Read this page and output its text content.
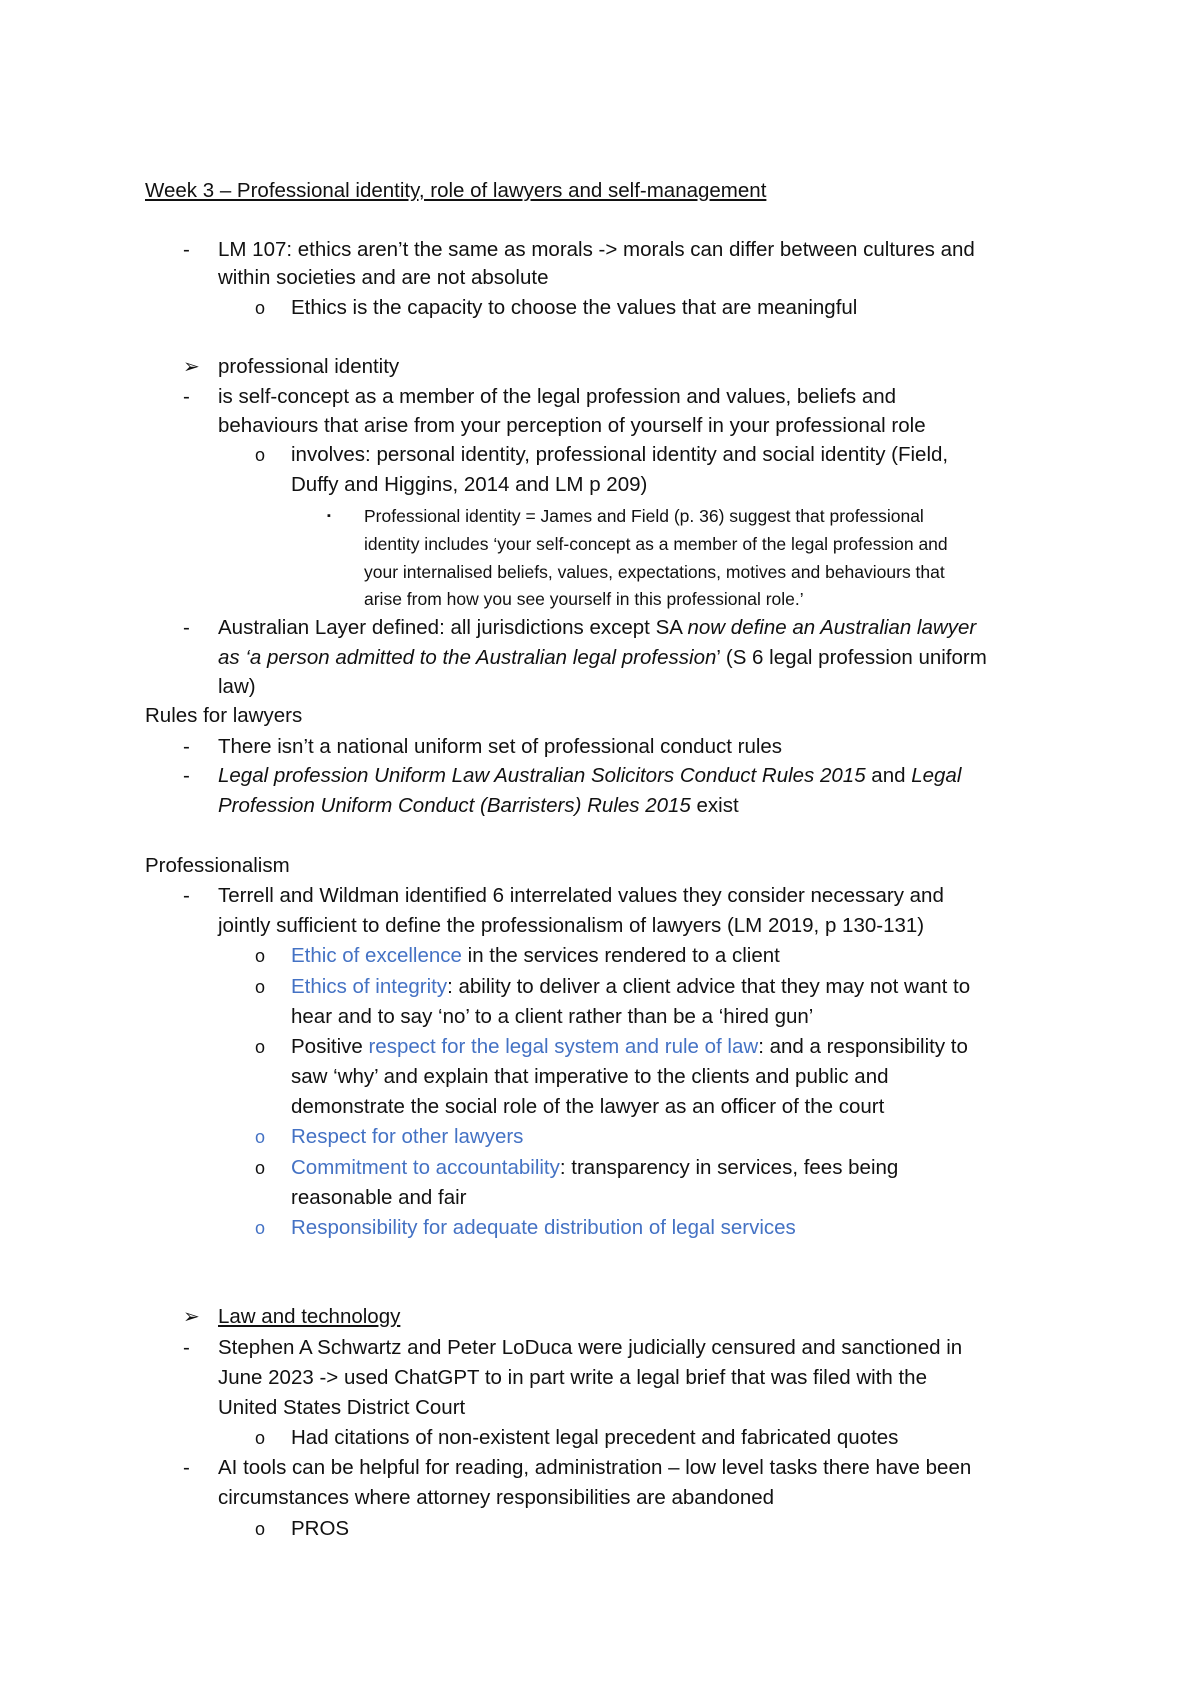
Week 3 – Professional identity, role of lawyers and self-management
- LM 107: ethics aren’t the same as morals -> morals can differ between cultures and
within societies and are not absolute
o Ethics is the capacity to choose the values that are meaningful
➢ professional identity
- is self-concept as a member of the legal profession and values, beliefs and
behaviours that arise from your perception of yourself in your professional role
o involves: personal identity, professional identity and social identity (Field,
Duffy and Higgins, 2014 and LM p 209)
▪ Professional identity = James and Field (p. 36) suggest that professional
identity includes ‘your self-concept as a member of the legal profession and
your internalised beliefs, values, expectations, motives and behaviours that
arise from how you see yourself in this professional role.’
- Australian Layer defined: all jurisdictions except SA now define an Australian lawyer
as ‘a person admitted to the Australian legal profession’ (S 6 legal profession uniform
law)
Rules for lawyers
- There isn’t a national uniform set of professional conduct rules
- Legal profession Uniform Law Australian Solicitors Conduct Rules 2015 and Legal
Profession Uniform Conduct (Barristers) Rules 2015 exist
Professionalism
- Terrell and Wildman identified 6 interrelated values they consider necessary and
jointly sufficient to define the professionalism of lawyers (LM 2019, p 130-131)
o Ethic of excellence in the services rendered to a client
o Ethics of integrity: ability to deliver a client advice that they may not want to
hear and to say ‘no’ to a client rather than be a ‘hired gun’
o Positive respect for the legal system and rule of law: and a responsibility to
saw ‘why’ and explain that imperative to the clients and public and
demonstrate the social role of the lawyer as an officer of the court
o Respect for other lawyers
o Commitment to accountability: transparency in services, fees being
reasonable and fair
o Responsibility for adequate distribution of legal services
➢ Law and technology
- Stephen A Schwartz and Peter LoDuca were judicially censured and sanctioned in
June 2023 -> used ChatGPT to in part write a legal brief that was filed with the
United States District Court
o Had citations of non-existent legal precedent and fabricated quotes
- AI tools can be helpful for reading, administration – low level tasks there have been
circumstances where attorney responsibilities are abandoned
o PROS
